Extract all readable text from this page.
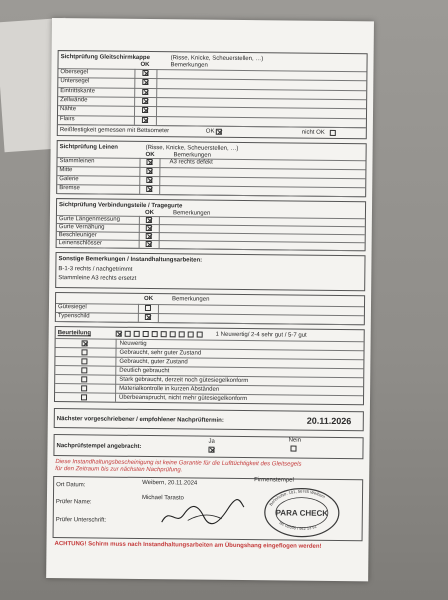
Sichtprüfung Gleitschirmkappe	(Risse, Knicke, Scheuerstellen, …)
OK	Bemerkungen
Obersegel
Untersegel
Eintrittskante
Zellwände
Nähte
Flairs
Reißfestigkeit gemessen mit Bettsometer	OK	nicht OK
Sichtprüfung Leinen	(Risse, Knicke, Scheuerstellen, …)
OK	Bemerkungen
Stammleinen	A3 rechts defekt
Mitte
Galerie
Bremse
Sichtprüfung Verbindungsteile / Tragegurte
OK	Bemerkungen
Gurte Längenmessung
Gurte Vernähung
Beschleuniger
Leinenschlösser
Sonstige Bemerkungen / Instandhaltungsarbeiten:
B-1-3 rechts / nachgetrimmt
Stammleine A3 rechts ersetzt
OK	Bemerkungen
Gütesiegel
Typenschild
Beurteilung	1 Neuwertig/ 2-4 sehr gut / 5-7 gut
Neuwertig
Gebraucht, sehr guter Zustand
Gebraucht, guter Zustand
Deutlich gebraucht
Stark gebraucht, derzeit noch gütesiegelkonform
Materialkontrolle in kurzen Abständen
Überbeansprucht, nicht mehr gütesiegelkonform
Nächster vorgeschriebener / empfohlener Nachprüftermin:	20.11.2026
Nachprüfstempel angebracht:
Ja	Nein
Diese Instandhaltungsbescheinigung ist keine Garantie für die Lufttüchtigkeit des Gleitsegels
für den Zeitraum bis zur nächsten Nachprüfung.
Ort Datum:	Weibern, 20.11.2024
Prüfer Name:
Michael Tarasto
Prüfer Unterschrift:
Firmenstempel
Bahnhofstr. 101, 56745 Weibern
Tel. 02655 / 942 13 91
PARA CHECK
ACHTUNG! Schirm muss nach Instandhaltungsarbeiten am Übungshang eingeflogen werden!
